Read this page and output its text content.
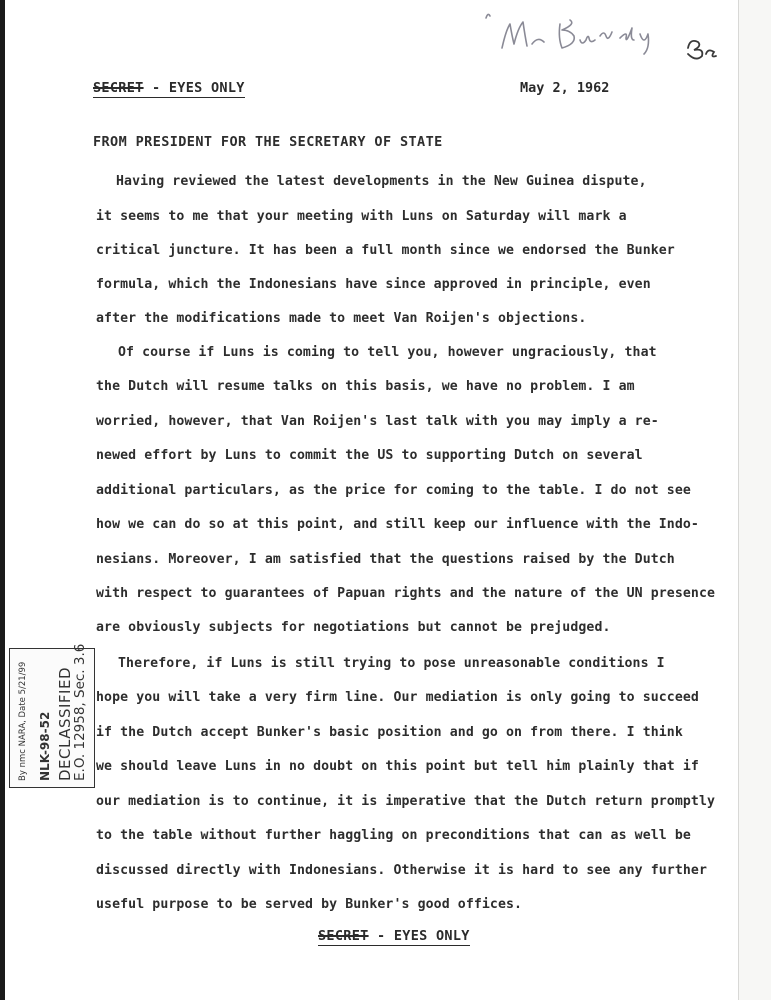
SECRET - EYES ONLY	May 2, 1962
FROM PRESIDENT FOR THE SECRETARY OF STATE
Having reviewed the latest developments in the New Guinea dispute,
it seems to me that your meeting with Luns on Saturday will mark a
critical juncture. It has been a full month since we endorsed the Bunker
formula, which the Indonesians have since approved in principle, even
after the modifications made to meet Van Roijen's objections.
Of course if Luns is coming to tell you, however ungraciously, that
the Dutch will resume talks on this basis, we have no problem. I am
worried, however, that Van Roijen's last talk with you may imply a re-
newed effort by Luns to commit the US to supporting Dutch on several
additional particulars, as the price for coming to the table. I do not see
how we can do so at this point, and still keep our influence with the Indo-
nesians. Moreover, I am satisfied that the questions raised by the Dutch
with respect to guarantees of Papuan rights and the nature of the UN presence
are obviously subjects for negotiations but cannot be prejudged.
Therefore, if Luns is still trying to pose unreasonable conditions I
hope you will take a very firm line. Our mediation is only going to succeed
if the Dutch accept Bunker's basic position and go on from there. I think
we should leave Luns in no doubt on this point but tell him plainly that if
our mediation is to continue, it is imperative that the Dutch return promptly
to the table without further haggling on preconditions that can as well be
discussed directly with Indonesians. Otherwise it is hard to see any further
useful purpose to be served by Bunker's good offices.
DECLASSIFIED
E.O. 12958, Sec. 3.6
NLK-98-52
By nmc NARA, Date 5/21/99
SECRET - EYES ONLY
